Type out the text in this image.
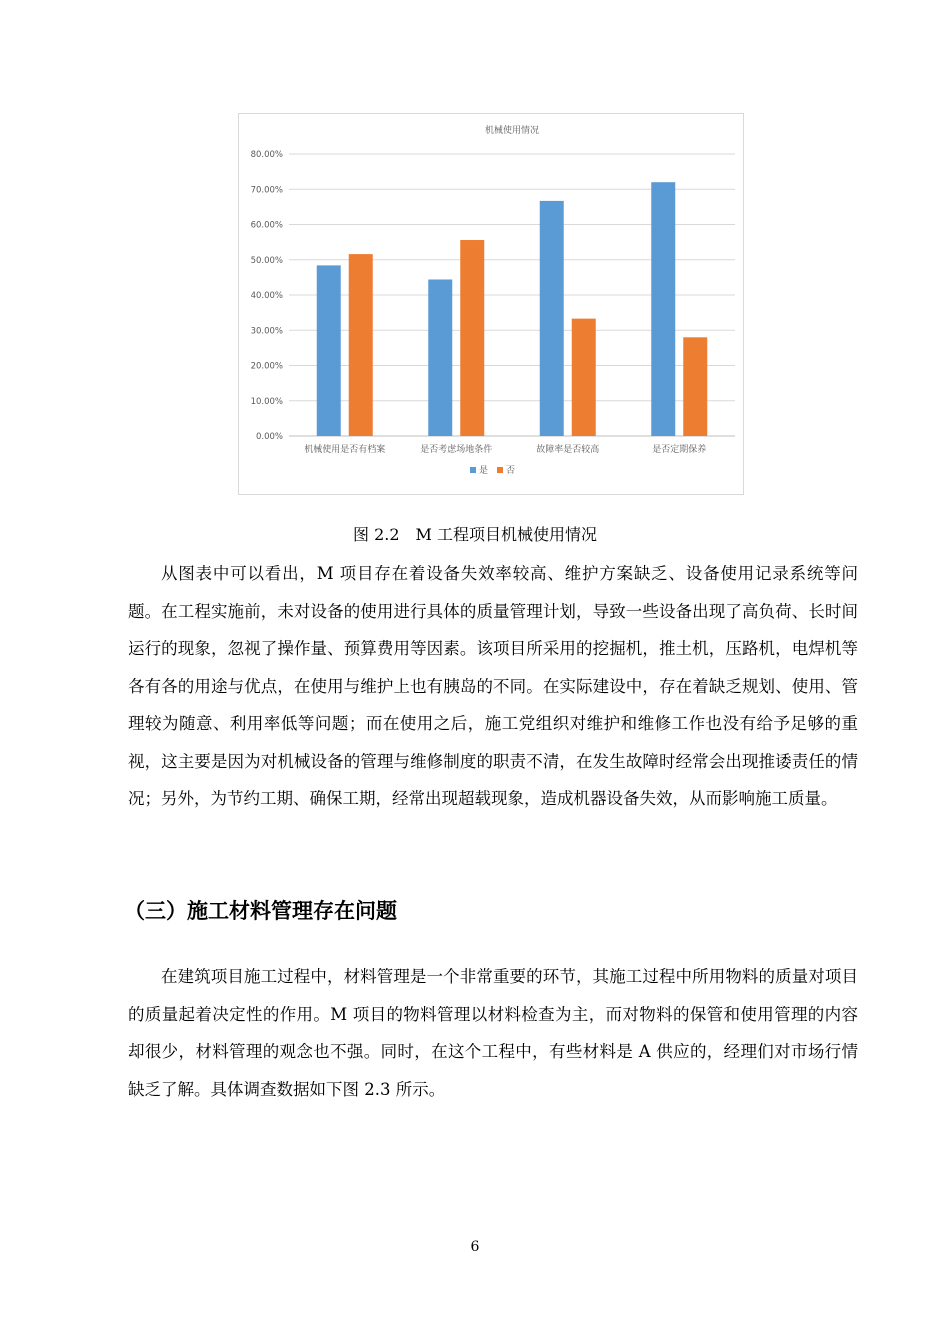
机械使用情况
0.00%
10.00%
20.00%
30.00%
40.00%
50.00%
60.00%
70.00%
80.00%
机械使用是否有档案	是否考虑场地条件	故障率是否较高	是否定期保养
是 否
图 2.2　M 工程项目机械使用情况

从图表中可以看出，M 项目存在着设备失效率较高、维护方案缺乏、设备使用记录系统等问题。在工程实施前，未对设备的使用进行具体的质量管理计划，导致一些设备出现了高负荷、长时间运行的现象，忽视了操作量、预算费用等因素。该项目所采用的挖掘机，推土机，压路机，电焊机等各有各的用途与优点，在使用与维护上也有胰岛的不同。在实际建设中，存在着缺乏规划、使用、管理较为随意、利用率低等问题；而在使用之后，施工党组织对维护和维修工作也没有给予足够的重视，这主要是因为对机械设备的管理与维修制度的职责不清，在发生故障时经常会出现推诿责任的情况；另外，为节约工期、确保工期，经常出现超载现象，造成机器设备失效，从而影响施工质量。

（三）施工材料管理存在问题

在建筑项目施工过程中，材料管理是一个非常重要的环节，其施工过程中所用物料的质量对项目的质量起着决定性的作用。M 项目的物料管理以材料检查为主，而对物料的保管和使用管理的内容却很少，材料管理的观念也不强。同时，在这个工程中，有些材料是 A 供应的，经理们对市场行情缺乏了解。具体调查数据如下图 2.3 所示。

6
